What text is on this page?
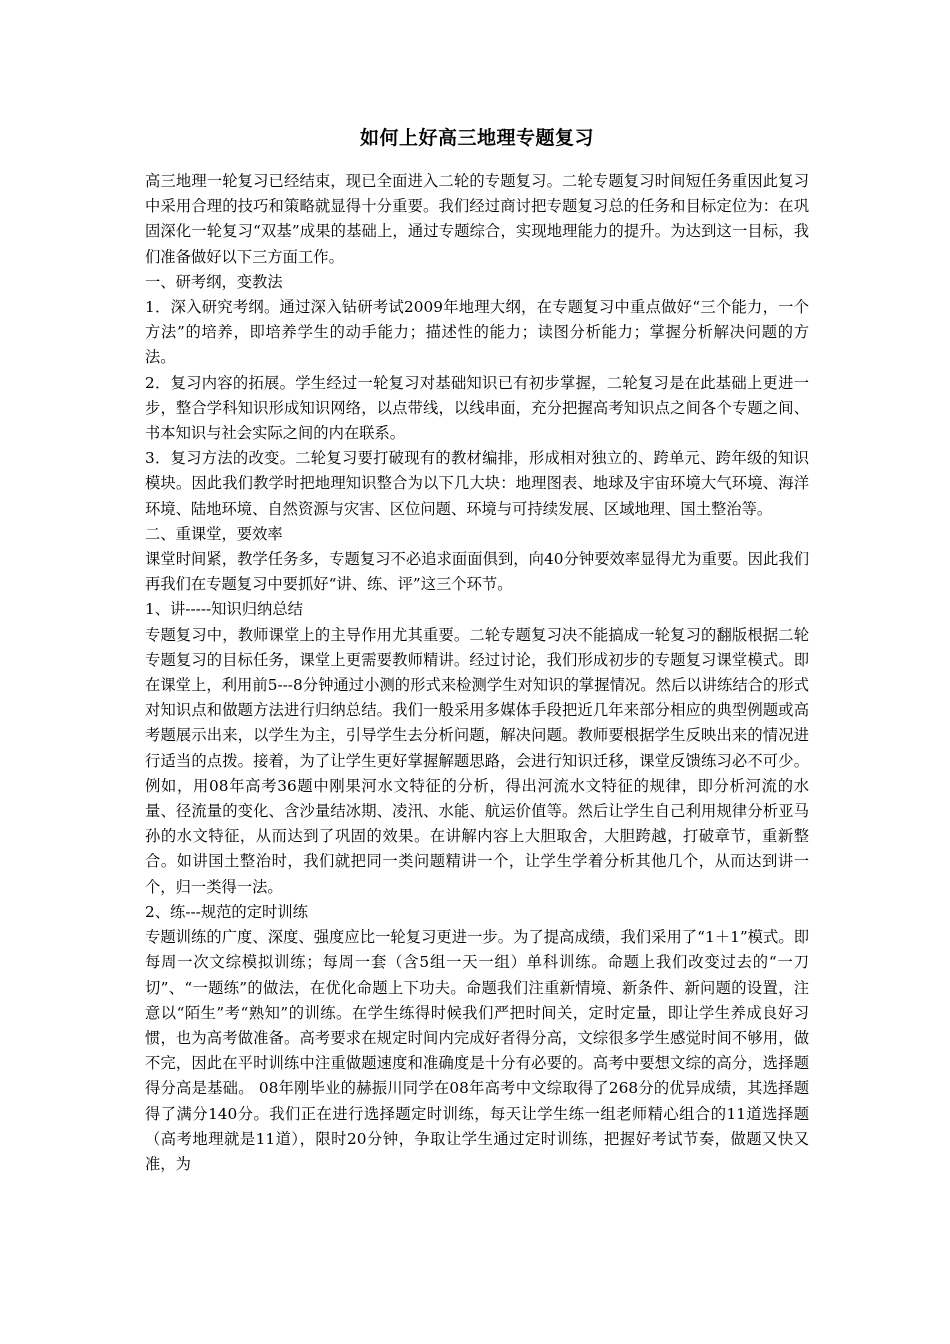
如何上好高三地理专题复习

高三地理一轮复习已经结束，现已全面进入二轮的专题复习。二轮专题复习时间短任务重因此复习中采用合理的技巧和策略就显得十分重要。我们经过商讨把专题复习总的任务和目标定位为：在巩固深化一轮复习“双基”成果的基础上，通过专题综合，实现地理能力的提升。为达到这一目标，我们准备做好以下三方面工作。

一、研考纲，变教法

1．深入研究考纲。通过深入钻研考试2009年地理大纲，在专题复习中重点做好“三个能力，一个方法”的培养，即培养学生的动手能力；描述性的能力；读图分析能力；掌握分析解决问题的方法。

2．复习内容的拓展。学生经过一轮复习对基础知识已有初步掌握，二轮复习是在此基础上更进一步，整合学科知识形成知识网络，以点带线，以线串面，充分把握高考知识点之间各个专题之间、书本知识与社会实际之间的内在联系。

3．复习方法的改变。二轮复习要打破现有的教材编排，形成相对独立的、跨单元、跨年级的知识模块。因此我们教学时把地理知识整合为以下几大块：地理图表、地球及宇宙环境大气环境、海洋环境、陆地环境、自然资源与灾害、区位问题、环境与可持续发展、区域地理、国土整治等。

二、重课堂，要效率

课堂时间紧，教学任务多，专题复习不必追求面面俱到，向40分钟要效率显得尤为重要。因此我们再我们在专题复习中要抓好“讲、练、评”这三个环节。

1、讲-----知识归纳总结

专题复习中，教师课堂上的主导作用尤其重要。二轮专题复习决不能搞成一轮复习的翻版根据二轮专题复习的目标任务，课堂上更需要教师精讲。经过讨论，我们形成初步的专题复习课堂模式。即在课堂上，利用前5---8分钟通过小测的形式来检测学生对知识的掌握情况。然后以讲练结合的形式对知识点和做题方法进行归纳总结。我们一般采用多媒体手段把近几年来部分相应的典型例题或高考题展示出来，以学生为主，引导学生去分析问题，解决问题。教师要根据学生反映出来的情况进行适当的点拨。接着，为了让学生更好掌握解题思路，会进行知识迁移，课堂反馈练习必不可少。例如，用08年高考36题中刚果河水文特征的分析，得出河流水文特征的规律，即分析河流的水量、径流量的变化、含沙量结冰期、凌汛、水能、航运价值等。然后让学生自己利用规律分析亚马孙的水文特征，从而达到了巩固的效果。在讲解内容上大胆取舍，大胆跨越，打破章节，重新整合。如讲国土整治时，我们就把同一类问题精讲一个，让学生学着分析其他几个，从而达到讲一个，归一类得一法。

2、练---规范的定时训练

专题训练的广度、深度、强度应比一轮复习更进一步。为了提高成绩，我们采用了“1＋1”模式。即每周一次文综模拟训练；每周一套（含5组一天一组）单科训练。命题上我们改变过去的“一刀切”、“一题练”的做法，在优化命题上下功夫。命题我们注重新情境、新条件、新问题的设置，注意以“陌生”考“熟知”的训练。在学生练得时候我们严把时间关，定时定量，即让学生养成良好习惯，也为高考做准备。高考要求在规定时间内完成好者得分高，文综很多学生感觉时间不够用，做不完，因此在平时训练中注重做题速度和准确度是十分有必要的。高考中要想文综的高分，选择题得分高是基础。 08年刚毕业的赫振川同学在08年高考中文综取得了268分的优异成绩，其选择题得了满分140分。我们正在进行选择题定时训练，每天让学生练一组老师精心组合的11道选择题（高考地理就是11道），限时20分钟，争取让学生通过定时训练，把握好考试节奏，做题又快又准，为
